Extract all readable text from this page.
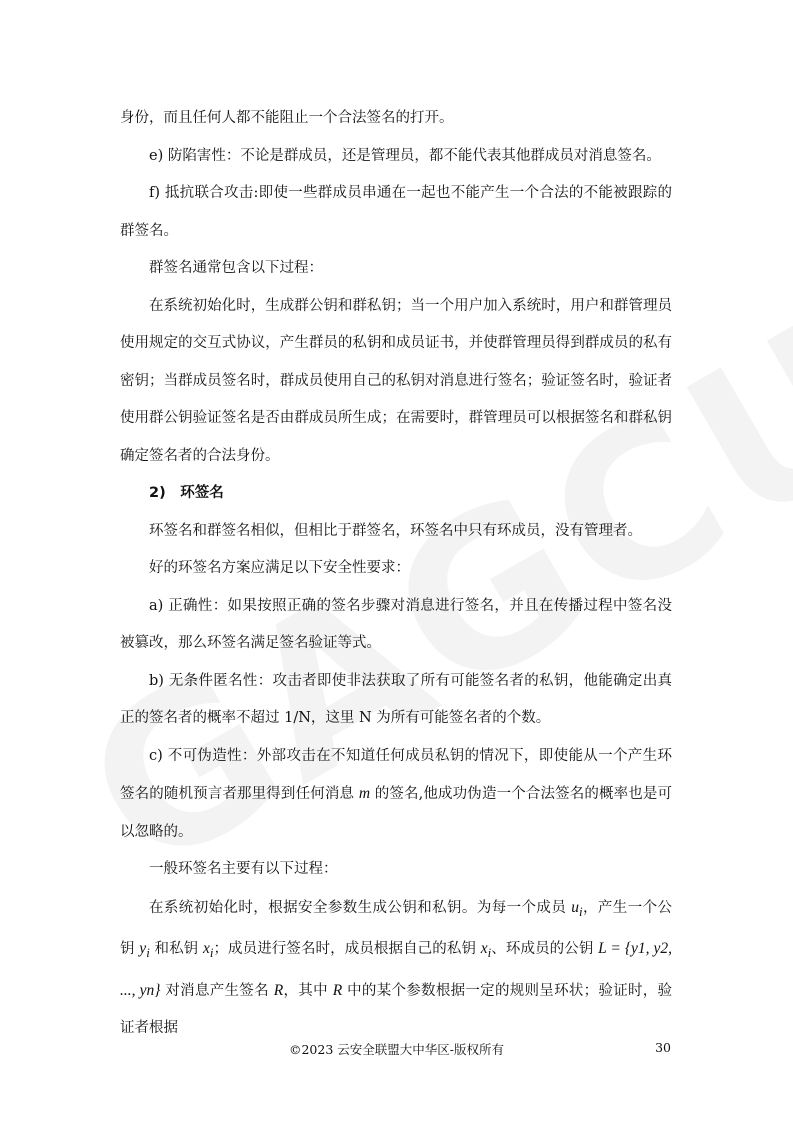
身份，而且任何人都不能阻止一个合法签名的打开。

e) 防陷害性：不论是群成员，还是管理员，都不能代表其他群成员对消息签名。

f) 抵抗联合攻击:即使一些群成员串通在一起也不能产生一个合法的不能被跟踪的群签名。

群签名通常包含以下过程：

在系统初始化时，生成群公钥和群私钥；当一个用户加入系统时，用户和群管理员使用规定的交互式协议，产生群员的私钥和成员证书，并使群管理员得到群成员的私有密钥；当群成员签名时，群成员使用自己的私钥对消息进行签名；验证签名时，验证者使用群公钥验证签名是否由群成员所生成；在需要时，群管理员可以根据签名和群私钥确定签名者的合法身份。

2)　环签名

环签名和群签名相似，但相比于群签名，环签名中只有环成员，没有管理者。

好的环签名方案应满足以下安全性要求：

a) 正确性：如果按照正确的签名步骤对消息进行签名，并且在传播过程中签名没被篡改，那么环签名满足签名验证等式。

b) 无条件匿名性：攻击者即使非法获取了所有可能签名者的私钥，他能确定出真正的签名者的概率不超过 1/N，这里 N 为所有可能签名者的个数。

c) 不可伪造性：外部攻击在不知道任何成员私钥的情况下，即使能从一个产生环签名的随机预言者那里得到任何消息 m 的签名,他成功伪造一个合法签名的概率也是可以忽略的。

一般环签名主要有以下过程：

在系统初始化时，根据安全参数生成公钥和私钥。为每一个成员 $u_i$，产生一个公钥 $y_i$ 和私钥 $x_i$；成员进行签名时，成员根据自己的私钥 $x_i$、环成员的公钥 L = {y1, y2, ..., yn} 对消息产生签名 R，其中 R 中的某个参数根据一定的规则呈环状；验证时，验证者根据

©2023 云安全联盟大中华区-版权所有	30
